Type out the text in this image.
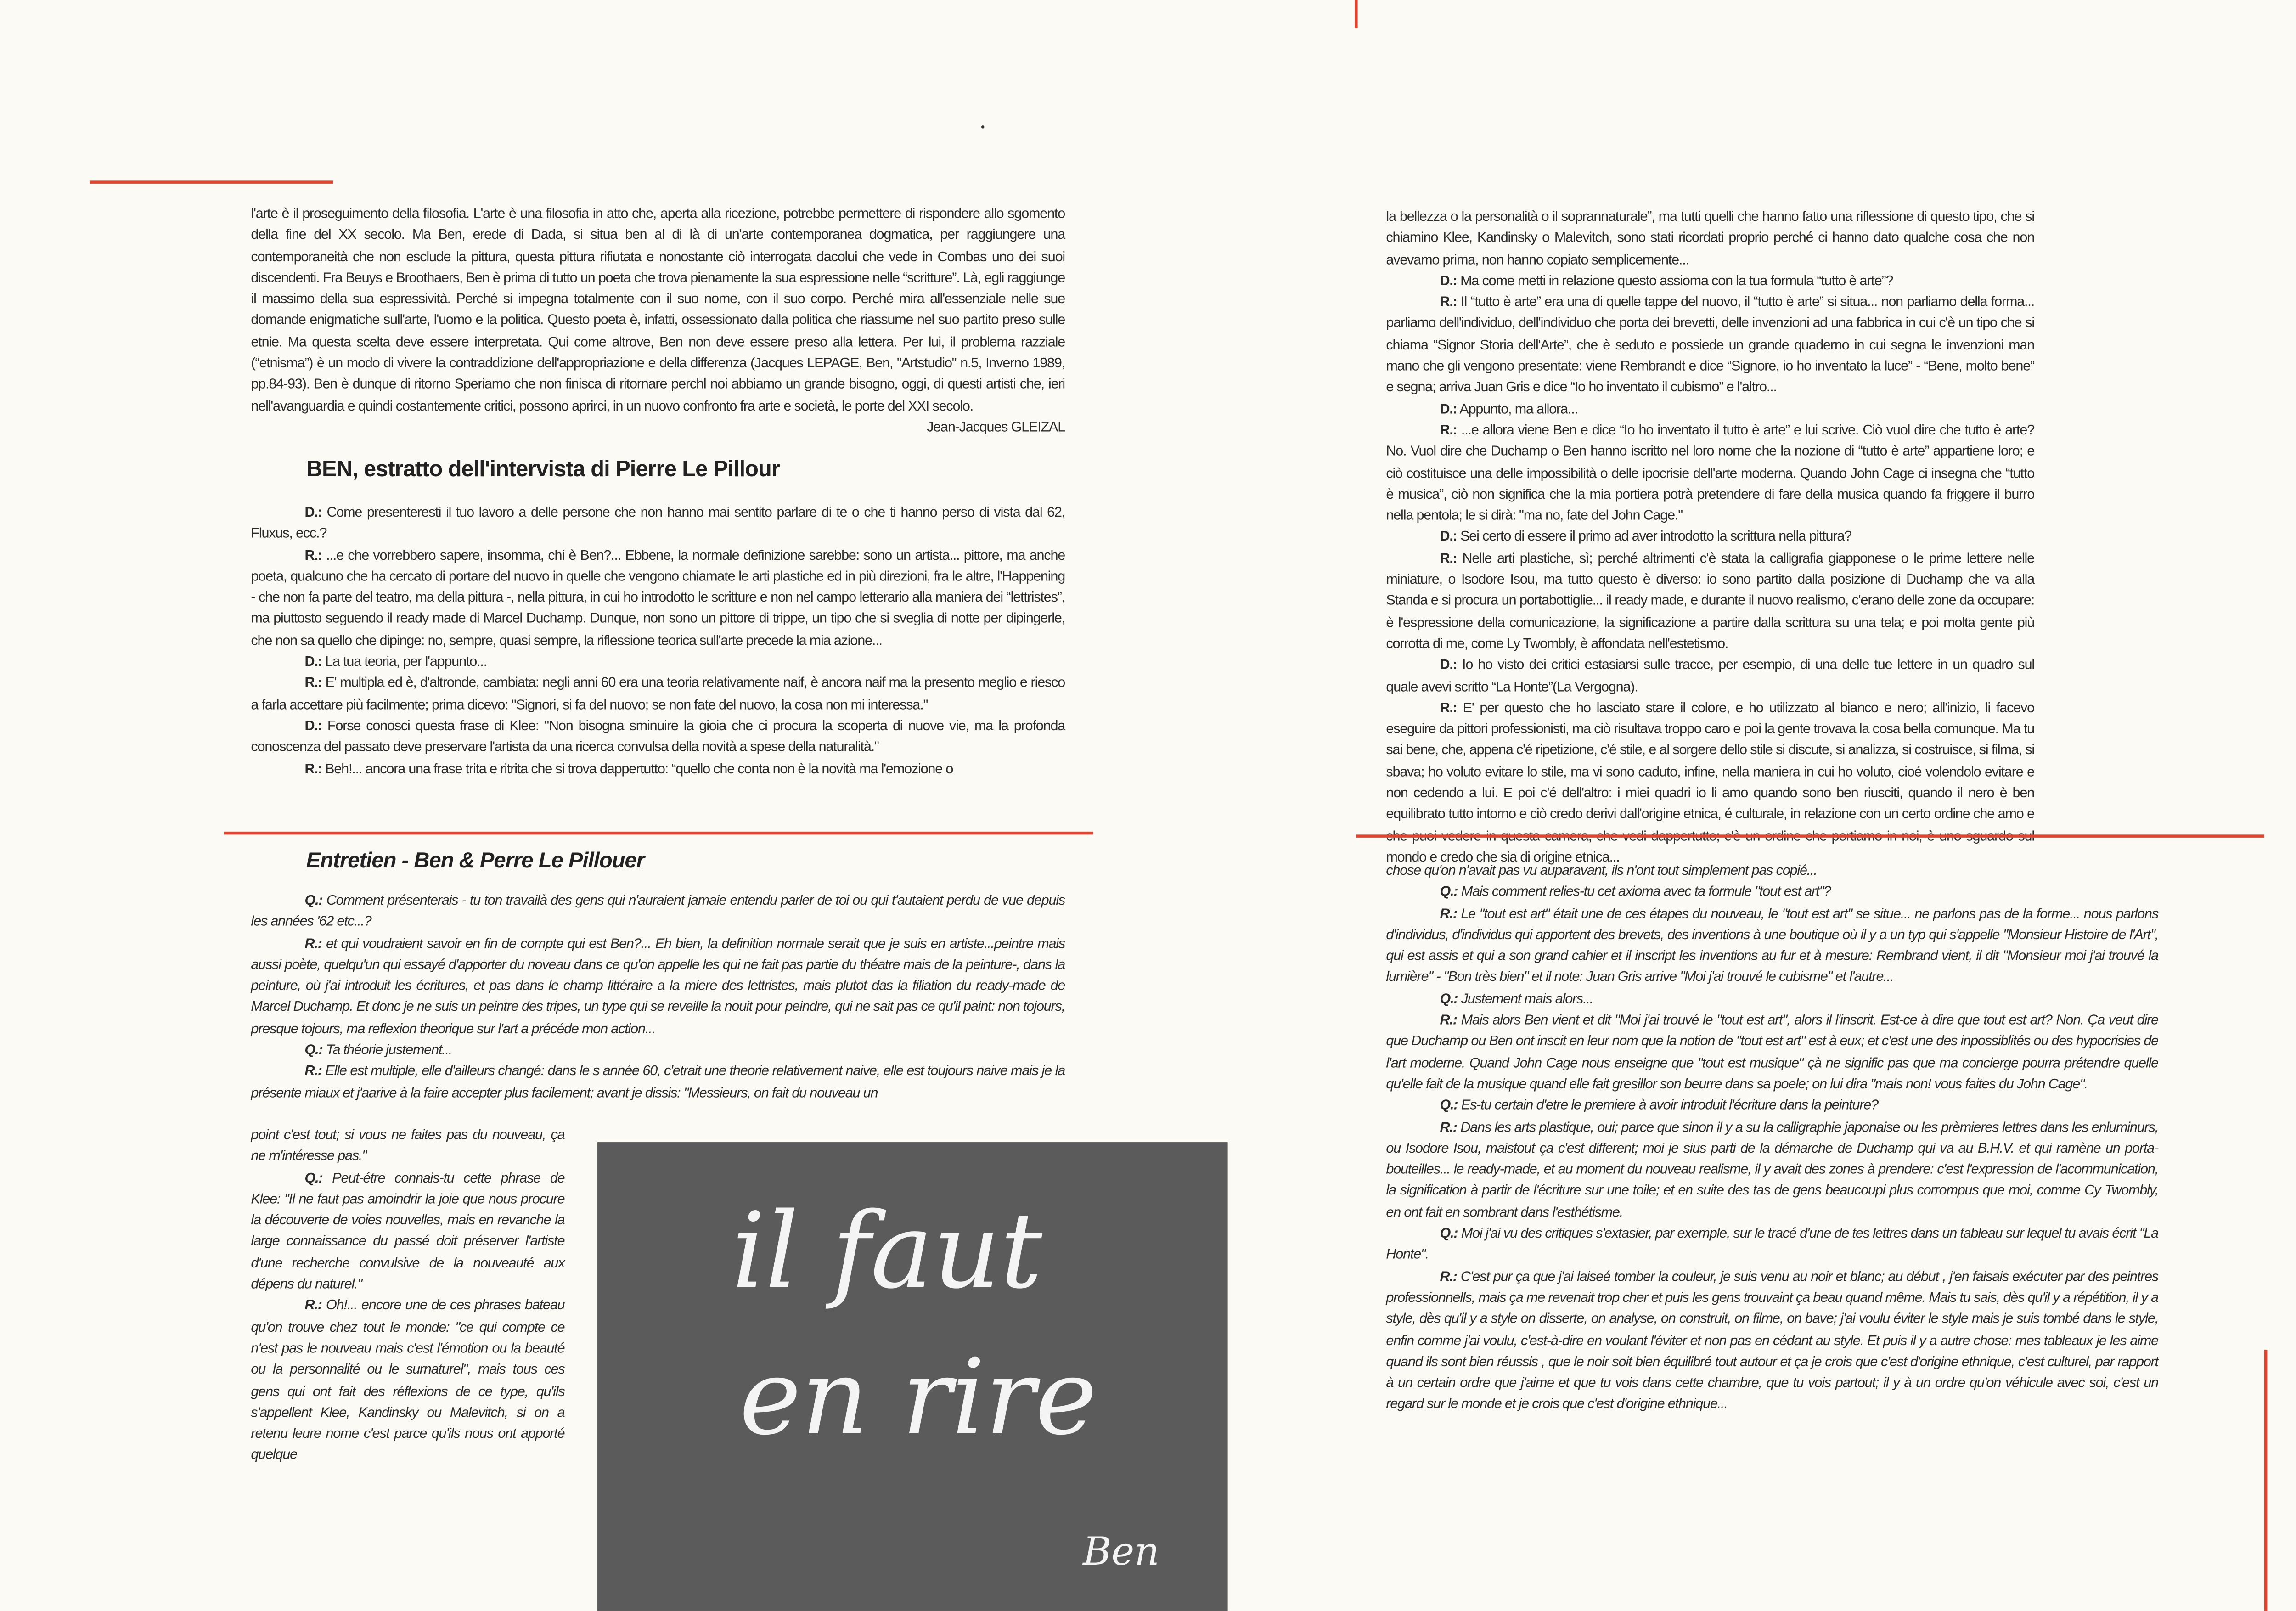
l'arte è il proseguimento della filosofia. L'arte è una filosofia in atto che, aperta alla ricezione, potrebbe permettere di rispondere allo sgomento della fine del XX secolo. Ma Ben, erede di Dada, si situa ben al di là di un'arte contemporanea dogmatica, per raggiungere una contemporaneità che non esclude la pittura, questa pittura rifiutata e nonostante ciò interrogata dacolui che vede in Combas uno dei suoi discendenti. Fra Beuys e Broothaers, Ben è prima di tutto un poeta che trova pienamente la sua espressione nelle “scritture”. Là, egli raggiunge il massimo della sua espressività. Perché si impegna totalmente con il suo nome, con il suo corpo. Perché mira all'essenziale nelle sue domande enigmatiche sull'arte, l'uomo e la politica. Questo poeta è, infatti, ossessionato dalla politica che riassume nel suo partito preso sulle etnie. Ma questa scelta deve essere interpretata. Qui come altrove, Ben non deve essere preso alla lettera. Per lui, il problema razziale (“etnisma”) è un modo di vivere la contraddizione dell'appropriazione e della differenza (Jacques LEPAGE, Ben, "Artstudio" n.5, Inverno 1989, pp.84-93). Ben è dunque di ritorno Speriamo che non finisca di ritornare perchl noi abbiamo un grande bisogno, oggi, di questi artisti che, ieri nell'avanguardia e quindi costantemente critici, possono aprirci, in un nuovo confronto fra arte e società, le porte del XXI secolo.

Jean-Jacques GLEIZAL
BEN, estratto dell'intervista di Pierre Le Pillour

D.: Come presenteresti il tuo lavoro a delle persone che non hanno mai sentito parlare di te o che ti hanno perso di vista dal 62, Fluxus, ecc.?

R.: ...e che vorrebbero sapere, insomma, chi è Ben?... Ebbene, la normale definizione sarebbe: sono un artista... pittore, ma anche poeta, qualcuno che ha cercato di portare del nuovo in quelle che vengono chiamate le arti plastiche ed in più direzioni, fra le altre, l'Happening - che non fa parte del teatro, ma della pittura -, nella pittura, in cui ho introdotto le scritture e non nel campo letterario alla maniera dei “lettristes”, ma piuttosto seguendo il ready made di Marcel Duchamp. Dunque, non sono un pittore di trippe, un tipo che si sveglia di notte per dipingerle, che non sa quello che dipinge: no, sempre, quasi sempre, la riflessione teorica sull'arte precede la mia azione...

D.: La tua teoria, per l'appunto...

R.: E' multipla ed è, d'altronde, cambiata: negli anni 60 era una teoria relativamente naif, è ancora naif ma la presento meglio e riesco a farla accettare più facilmente; prima dicevo: "Signori, si fa del nuovo; se non fate del nuovo, la cosa non mi interessa."

D.: Forse conosci questa frase di Klee: "Non bisogna sminuire la gioia che ci procura la scoperta di nuove vie, ma la profonda conoscenza del passato deve preservare l'artista da una ricerca convulsa della novità a spese della naturalità."

R.: Beh!... ancora una frase trita e ritrita che si trova dappertutto: “quello che conta non è la novità ma l'emozione o

Entretien - Ben & Perre Le Pillouer

Q.: Comment présenterais - tu ton travailà des gens qui n'auraient jamaie entendu parler de toi ou qui t'autaient perdu de vue depuis les années '62 etc...?

R.: et qui voudraient savoir en fin de compte qui est Ben?... Eh bien, la definition normale serait que je suis en artiste...peintre mais aussi poète, quelqu'un qui essayé d'apporter du noveau dans ce qu'on appelle les qui ne fait pas partie du théatre mais de la peinture-, dans la peinture, où j'ai introduit les écritures, et pas dans le champ littéraire a la miere des lettristes, mais plutot das la filiation du ready-made de Marcel Duchamp. Et donc je ne suis un peintre des tripes, un type qui se reveille la nouit pour peindre, qui ne sait pas ce qu'il paint: non tojours, presque tojours, ma reflexion theorique sur l'art a précéde mon action...

Q.: Ta théorie justement...

R.: Elle est multiple, elle d'ailleurs changé: dans le s année 60, c'etrait une theorie relativement naive, elle est toujours naive mais je la présente miaux et j'aarive à la faire accepter plus facilement; avant je dissis: "Messieurs, on fait du nouveau un

point c'est tout; si vous ne faites pas du nouveau, ça ne m'intéresse pas."

Q.: Peut-étre connais-tu cette phrase de Klee: "Il ne faut pas amoindrir la joie que nous procure la découverte de voies nouvelles, mais en revanche la large connaissance du passé doit préserver l'artiste d'une recherche convulsive de la nouveauté aux dépens du naturel."

R.: Oh!... encore une de ces phrases bateau qu'on trouve chez tout le monde: "ce qui compte ce n'est pas le nouveau mais c'est l'émotion ou la beauté ou la personnalité ou le surnaturel", mais tous ces gens qui ont fait des réflexions de ce type, qu'ils s'appellent Klee, Kandinsky ou Malevitch, si on a retenu leure nome c'est parce qu'ils nous ont apporté quelque

il faut
en rire
Ben

la bellezza o la personalità o il soprannaturale”, ma tutti quelli che hanno fatto una riflessione di questo tipo, che si chiamino Klee, Kandinsky o Malevitch, sono stati ricordati proprio perché ci hanno dato qualche cosa che non avevamo prima, non hanno copiato semplicemente...

D.: Ma come metti in relazione questo assioma con la tua formula “tutto è arte”?

R.: Il “tutto è arte” era una di quelle tappe del nuovo, il “tutto è arte” si situa... non parliamo della forma... parliamo dell'individuo, dell'individuo che porta dei brevetti, delle invenzioni ad una fabbrica in cui c'è un tipo che si chiama “Signor Storia dell'Arte”, che è seduto e possiede un grande quaderno in cui segna le invenzioni man mano che gli vengono presentate: viene Rembrandt e dice “Signore, io ho inventato la luce” - “Bene, molto bene” e segna; arriva Juan Gris e dice “Io ho inventato il cubismo” e l'altro...

D.: Appunto, ma allora...

R.: ...e allora viene Ben e dice “Io ho inventato il tutto è arte” e lui scrive. Ciò vuol dire che tutto è arte? No. Vuol dire che Duchamp o Ben hanno iscritto nel loro nome che la nozione di “tutto è arte” appartiene loro; e ciò costituisce una delle impossibilità o delle ipocrisie dell'arte moderna. Quando John Cage ci insegna che “tutto è musica”, ciò non significa che la mia portiera potrà pretendere di fare della musica quando fa friggere il burro nella pentola; le si dirà: "ma no, fate del John Cage."

D.: Sei certo di essere il primo ad aver introdotto la scrittura nella pittura?

R.: Nelle arti plastiche, sì; perché altrimenti c'è stata la calligrafia giapponese o le prime lettere nelle miniature, o Isodore Isou, ma tutto questo è diverso: io sono partito dalla posizione di Duchamp che va alla Standa e si procura un portabottiglie... il ready made, e durante il nuovo realismo, c'erano delle zone da occupare: è l'espressione della comunicazione, la significazione a partire dalla scrittura su una tela; e poi molta gente più corrotta di me, come Ly Twombly, è affondata nell'estetismo.

D.: Io ho visto dei critici estasiarsi sulle tracce, per esempio, di una delle tue lettere in un quadro sul quale avevi scritto “La Honte”(La Vergogna).

R.: E' per questo che ho lasciato stare il colore, e ho utilizzato al bianco e nero; all'inizio, li facevo eseguire da pittori professionisti, ma ciò risultava troppo caro e poi la gente trovava la cosa bella comunque. Ma tu sai bene, che, appena c'é ripetizione, c'é stile, e al sorgere dello stile si discute, si analizza, si costruisce, si filma, si sbava; ho voluto evitare lo stile, ma vi sono caduto, infine, nella maniera in cui ho voluto, cioé volendolo evitare e non cedendo a lui. E poi c'é dell'altro: i miei quadri io li amo quando sono ben riusciti, quando il nero è ben equilibrato tutto intorno e ciò credo derivi dall'origine etnica, é culturale, in relazione con un certo ordine che amo e mondo e credo che sia di origine etnica...

chose qu'on n'avait pas vu auparavant, ils n'ont tout simplement pas copié...

Q.: Mais comment relies-tu cet axioma avec ta formule "tout est art"?

R.: Le "tout est art" était une de ces étapes du nouveau, le "tout est art" se situe... ne parlons pas de la forme... nous parlons d'individus, d'individus qui apportent des brevets, des inventions à une boutique où il y a un typ qui s'appelle "Monsieur Histoire de l'Art", qui est assis et qui a son grand cahier et il inscript les inventions au fur et à mesure: Rembrand vient, il dit "Monsieur moi j'ai trouvé la lumière" - "Bon très bien" et il note: Juan Gris arrive "Moi j'ai trouvé le cubisme" et l'autre...

Q.: Justement mais alors...

R.: Mais alors Ben vient et dit "Moi j'ai trouvé le "tout est art", alors il l'inscrit. Est-ce à dire que tout est art? Non. Ça veut dire que Duchamp ou Ben ont inscit en leur nom que la notion de "tout est art" est à eux; et c'est une des inpossiblités ou des hypocrisies de l'art moderne. Quand John Cage nous enseigne que "tout est musique" çà ne signific pas que ma concierge pourra prétendre quelle qu'elle fait de la musique quand elle fait gresillor son beurre dans sa poele; on lui dira "mais non! vous faites du John Cage".

Q.: Es-tu certain d'etre le premiere à avoir introduit l'écriture dans la peinture?

R.: Dans les arts plastique, oui; parce que sinon il y a su la calligraphie japonaise ou les prèmieres lettres dans les enluminurs, ou Isodore Isou, maistout ça c'est different; moi je sius parti de la démarche de Duchamp qui va au B.H.V. et qui ramène un porta-bouteilles... le ready-made, et au moment du nouveau realisme, il y avait des zones à prendere: c'est l'expression de l'acommunication, la signification à partir de l'écriture sur une toile; et en suite des tas de gens beaucoupi plus corrompus que moi, comme Cy Twombly, en ont fait en sombrant dans l'esthétisme.

Q.: Moi j'ai vu des critiques s'extasier, par exemple, sur le tracé d'une de tes lettres dans un tableau sur lequel tu avais écrit "La Honte".

R.: C'est pur ça que j'ai laiseé tomber la couleur, je suis venu au noir et blanc; au début , j'en faisais exécuter par des peintres professionnells, mais ça me revenait trop cher et puis les gens trouvaint ça beau quand même. Mais tu sais, dès qu'il y a répétition, il y a style, dès qu'il y a style on disserte, on analyse, on construit, on filme, on bave; j'ai voulu éviter le style mais je suis tombé dans le style, enfin comme j'ai voulu, c'est-à-dire en voulant l'éviter et non pas en cédant au style. Et puis il y a autre chose: mes tableaux je les aime quand ils sont bien réussis , que le noir soit bien équilibré tout autour et ça je crois que c'est d'origine ethnique, c'est culturel, par rapport à un certain ordre que j'aime et que tu vois dans cette chambre, que tu vois partout; il y à un ordre qu'on véhicule avec soi, c'est un regard sur le monde et je crois que c'est d'origine ethnique...
